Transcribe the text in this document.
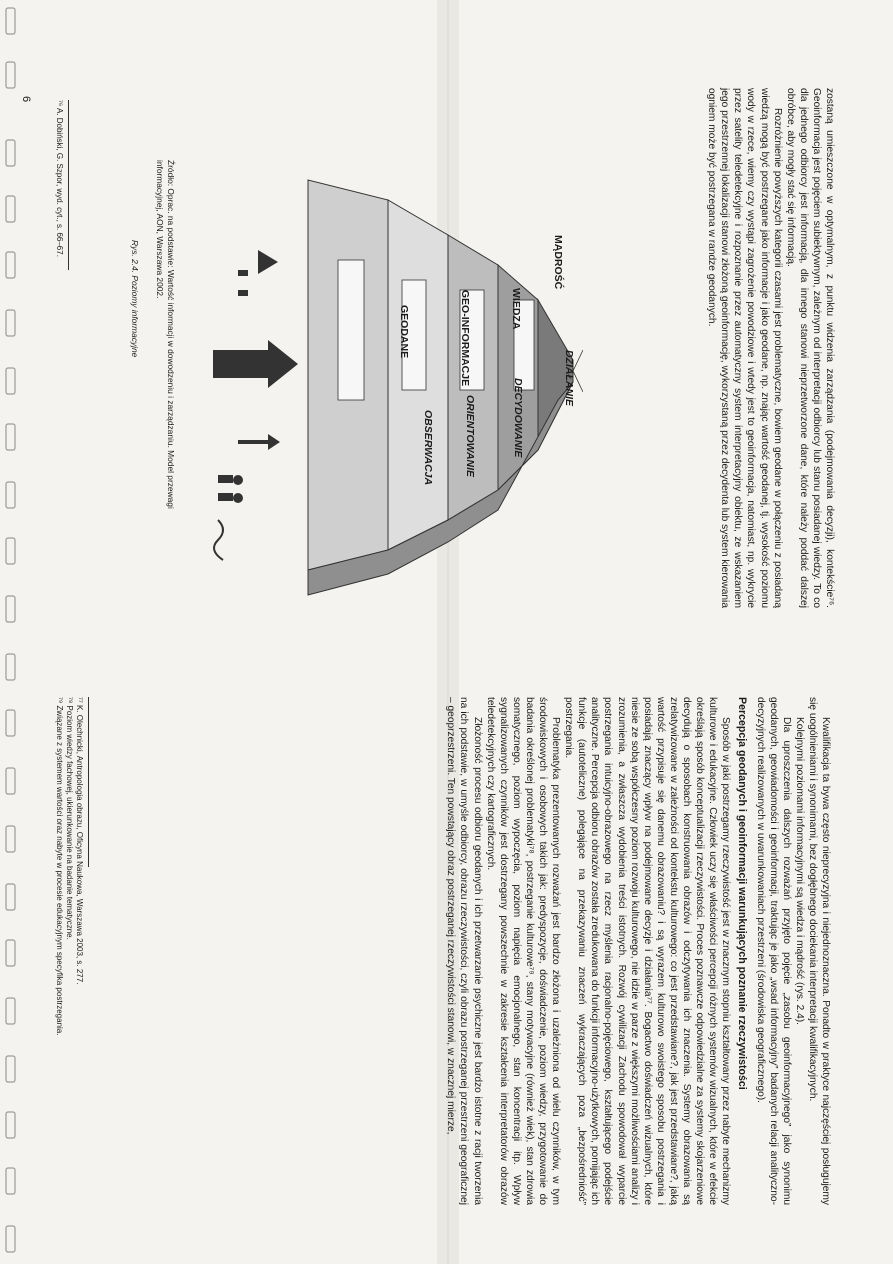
6	zostaną umieszczone w optymalnym, z punktu widzenia zarządzania (podejmowania decyzji), kontekście⁷⁶. Geoinformacja jest pojęciem subiektywnym, zależnym od interpretacji odbiorcy lub stanu posiadanej wiedzy. To co dla jednego odbiorcy jest informacją, dla innego stanowi nieprzetworzone dane, które należy poddać dalszej obróbce, aby mogły stać się informacją.

Rozróżnienie powyższych kategorii czasami jest problematyczne, bowiem geodane w połączeniu z posiadaną wiedzą mogą być postrzegane jako informacje i jako geodane, np. znając wartość geodanej, tj. wysokość poziomu wody w rzece, wiemy czy wystąpi zagrożenie powodziowe i wtedy jest to geoinformacja, natomiast, np. wykrycie przez satelity teledetekcyjne i rozpoznanie przez automatyczny system interpretacyjny obiektu, ze wskazaniem jego przestrzennej lokalizacji stanowi złożoną geoinformację, wykorzystaną przez decydenta lub system kierowania ogniem może być postrzegana w randze geodanych.

MĄDROŚĆ
WIEDZA
GEO-INFORMACJE
GEODANE
DZIAŁANIE
DECYDOWANIE
ORIENTOWANIE
OBSERWACJA
Źródło: Oprac. na podstawie: Wartość informacji w dowodzeniu i zarządzaniu. Model przewagi informacyjnej, AON, Warszawa 2002.
Rys. 2.4. Poziomy informacyjne
⁷⁶ A. Dobiński, G. Szpor, wyd. cyt., s. 66–67.

Kwalifikacja ta bywa często nieprecyzyjna i niejednoznaczna. Ponadto w praktyce najczęściej posługujemy się uogólnieniami i synonimami, bez dogłębnego dociekania interpretacji kwalifikacyjnych.

Kolejnymi poziomami informacyjnymi są wiedza i mądrość (rys. 2.4).

Dla uproszczenia dalszych rozważań przyjęto pojęcie „zasobu geoinformacyjnego” jako synonimu geodanych, geowiadomości i geoinformacji, traktując je jako „wsad informacyjny” badanych relacji analityczno-decyzyjnych realizowanych w uwarunkowaniach przestrzeni (środowiska geograficznego).

Percepcja geodanych i geoinformacji warunkujących poznanie rzeczywistości

Sposób w jaki postrzegamy rzeczywistość jest w znacznym stopniu kształtowany przez nabyte mechanizmy kulturowe i edukacyjne. Człowiek uczy się właściwości percepcji różnych systemów wizualnych, które w efekcie określają sposób konceptualizacji rzeczywistości. Proces poznawcze odpowiedzialne za systemy skojarzeniowe decydują o sposobach konstruowania obrazów i odczytywania ich znaczenia. Systemy obrazowania są zrelatywizowane w zależności od kontekstu kulturowego: co jest przedstawiane?, jak jest przedstawiane?, jaką wartość przypisuje się danemu obrazowaniu? i są wyrazem kulturowo swoistego sposobu postrzegania i posiadają znaczący wpływ na podejmowane decyzje i działania⁷⁷. Bogactwo doświadczeń wizualnych, które niesie ze sobą współczesny poziom rozwoju kulturowego, nie idzie w parze z większymi możliwościami analizy i zrozumienia, a zwłaszcza wydobienia treści istotnych. Rozwój cywilizacji Zachodu spowodował wyparcie postrzegania intuicyjno-obrazowego na rzecz myślenia racjonalno-pojęciowego, kształtującego podejście analityczne. Percepcja odbioru obrazów została zredukowana do funkcji informacyjno-użytkowych, pomijając ich funkcje (autoteliczne) polegające na przekazywaniu znaczeń wykraczających poza „bezpośredniość” postrzegania.

Problematyka prezentowanych rozważań jest bardzo złożona i uzależniona od wielu czynników, w tym środowiskowych i osobowych takich jak: predyspozycje, doświadczenie, poziom wiedzy, przygotowanie do badania określonej problematyki⁷⁸, postrzeganie kulturowe⁷⁹, stany motywacyjne (również wiek), stan zdrowia somatycznego, poziom wypoczęcia, poziom napięcia emocjonalnego, stan koncentracji itp. Wpływ sygnalizowanych czynników jest dostrzegany powszechnie w zakresie kształcenia interpretatorów obrazów teledetekcyjnych czy kartograficznych.

Złożoność procesu odbioru geodanych i ich przetwarzanie psychiczne jest bardzo istotne z racji tworzenia na ich podstawie, w umyśle odbiorcy, obrazu rzeczywistości, czyli obrazu postrzeganej przestrzeni geograficznej – geoprzestrzeni. Ten powstający obraz postrzeganej rzeczywistości stanowi, w znacznej mierze,

⁷⁷ K. Olechnicki, Antropologia obrazu, Oficyna Naukowa, Warszawa 2003, s. 277.
⁷⁸ Poziom wiedzy fachowej, ukierunkowanie na badanie tematyczne.
⁷⁹ Związane z systemem wartości oraz nabyte w procesie edukacyjnym specyfika postrzegania.
